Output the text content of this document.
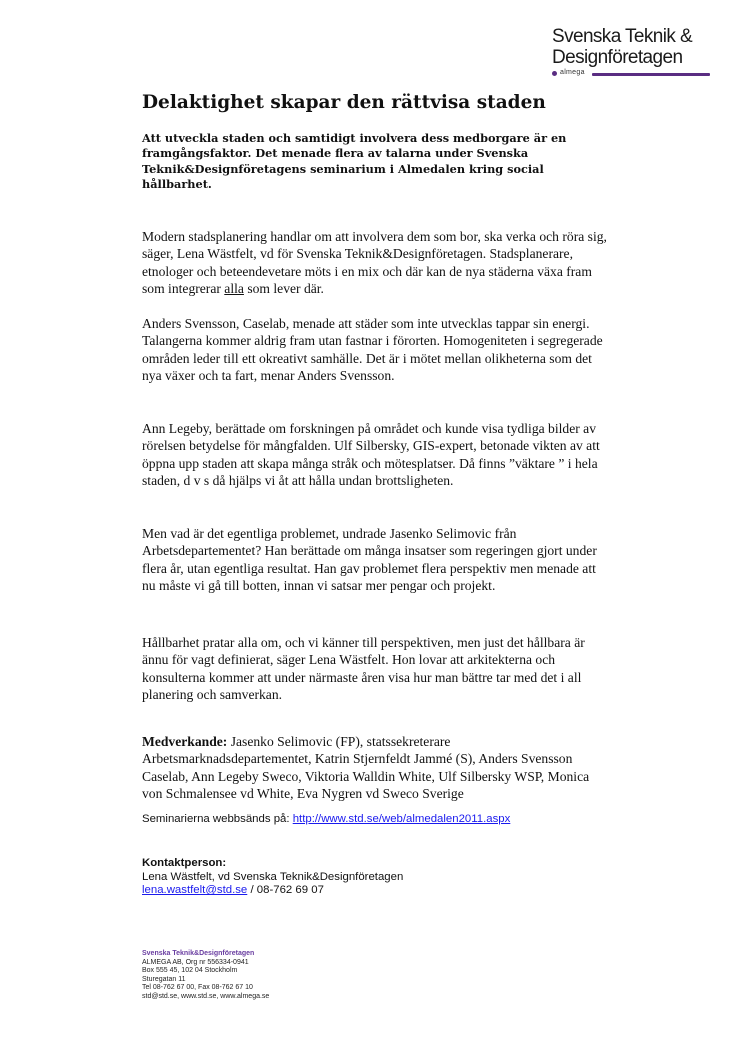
Svenska Teknik &
Designföretagen
almega
Delaktighet skapar den rättvisa staden

Att utveckla staden och samtidigt involvera dess medborgare är en framgångsfaktor. Det menade flera av talarna under Svenska Teknik&Designföretagens seminarium i Almedalen kring social hållbarhet.

Modern stadsplanering handlar om att involvera dem som bor, ska verka och röra sig, säger, Lena Wästfelt, vd för Svenska Teknik&Designföretagen. Stadsplanerare, etnologer och beteendevetare möts i en mix och där kan de nya städerna växa fram som integrerar alla som lever där.

Anders Svensson, Caselab, menade att städer som inte utvecklas tappar sin energi. Talangerna kommer aldrig fram utan fastnar i förorten. Homogeniteten i segregerade områden leder till ett okreativt samhälle. Det är i mötet mellan olikheterna som det nya växer och ta fart, menar Anders Svensson.

Ann Legeby, berättade om forskningen på området och kunde visa tydliga bilder av rörelsen betydelse för mångfalden. Ulf Silbersky, GIS-expert, betonade vikten av att öppna upp staden att skapa många stråk och mötesplatser. Då finns ”väktare ” i hela staden, d v s då hjälps vi åt att hålla undan brottsligheten.

Men vad är det egentliga problemet, undrade Jasenko Selimovic från Arbetsdepartementet? Han berättade om många insatser som regeringen gjort under flera år, utan egentliga resultat. Han gav problemet flera perspektiv men menade att nu måste vi gå till botten, innan vi satsar mer pengar och projekt.

Hållbarhet pratar alla om, och vi känner till perspektiven, men just det hållbara är ännu för vagt definierat, säger Lena Wästfelt. Hon lovar att arkitekterna och konsulterna kommer att under närmaste åren visa hur man bättre tar med det i all planering och samverkan.

Medverkande: Jasenko Selimovic (FP), statssekreterare Arbetsmarknadsdepartementet, Katrin Stjernfeldt Jammé (S), Anders Svensson Caselab, Ann Legeby Sweco, Viktoria Walldin White, Ulf Silbersky WSP, Monica von Schmalensee vd White, Eva Nygren vd Sweco Sverige

Seminarierna webbsänds på: http://www.std.se/web/almedalen2011.aspx

Kontaktperson:
Lena Wästfelt, vd Svenska Teknik&Designföretagen
lena.wastfelt@std.se / 08-762 69 07
Svenska Teknik&Designföretagen
ALMEGA AB, Org nr 556334-0941
Box 555 45, 102 04 Stockholm
Sturegatan 11
Tel 08-762 67 00, Fax 08-762 67 10
std@std.se, www.std.se, www.almega.se
